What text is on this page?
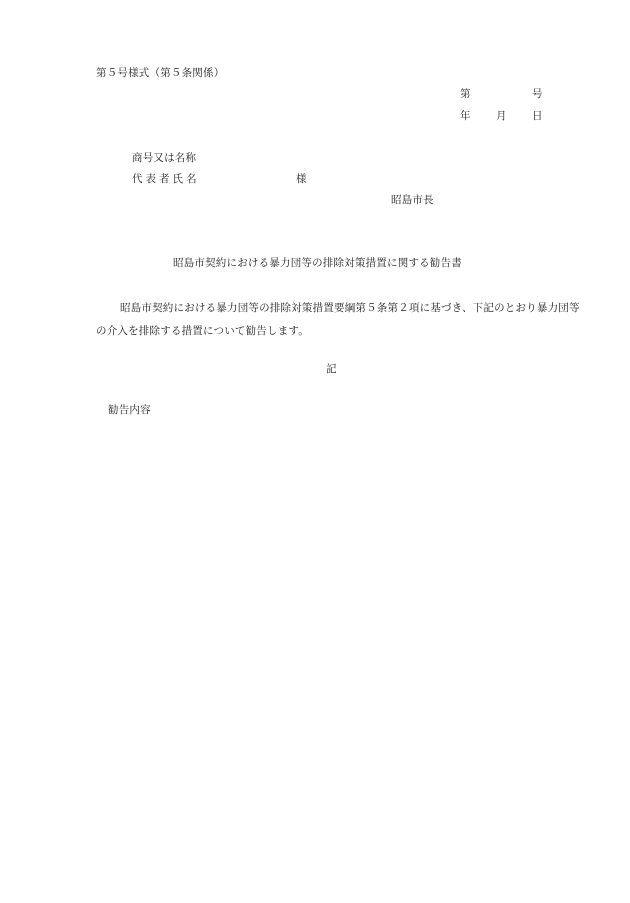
第５号様式（第５条関係）
第	号
年 月 日
商号又は名称
代表者氏名	様
昭島市長
昭島市契約における暴力団等の排除対策措置に関する勧告書
昭島市契約における暴力団等の排除対策措置要綱第５条第２項に基づき、下記のとおり暴力団等の介入を排除する措置について勧告します。
記
勧告内容
